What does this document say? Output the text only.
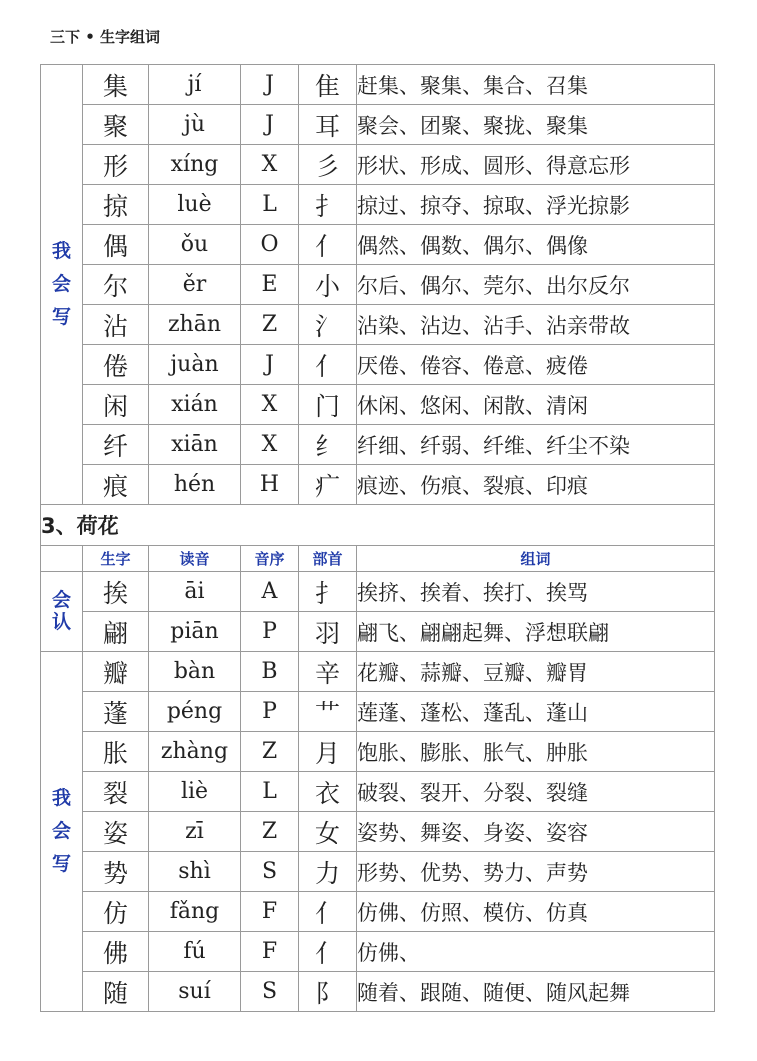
三下 • 生字组词
我
会
写	集	jí	J	隹	赶集、聚集、集合、召集
	聚	jù	J	耳	聚会、团聚、聚拢、聚集
	形	xíng	X	彡	形状、形成、圆形、得意忘形
	掠	luè	L	扌	掠过、掠夺、掠取、浮光掠影
	偶	ǒu	O	亻	偶然、偶数、偶尔、偶像
	尔	ěr	E	小	尔后、偶尔、莞尔、出尔反尔
	沾	zhān	Z	氵	沾染、沾边、沾手、沾亲带故
	倦	juàn	J	亻	厌倦、倦容、倦意、疲倦
	闲	xián	X	门	休闲、悠闲、闲散、清闲
	纤	xiān	X	纟	纤细、纤弱、纤维、纤尘不染
	痕	hén	H	疒	痕迹、伤痕、裂痕、印痕
3、荷花					
	生字	读音	音序	部首	组词

会
认	挨	āi	A	扌	挨挤、挨着、挨打、挨骂
	翩	piān	P	羽	翩飞、翩翩起舞、浮想联翩

我
会
写	瓣	bàn	B	辛	花瓣、蒜瓣、豆瓣、瓣胃
	蓬	péng	P	艹	莲蓬、蓬松、蓬乱、蓬山
	胀	zhàng	Z	月	饱胀、膨胀、胀气、肿胀
	裂	liè	L	衣	破裂、裂开、分裂、裂缝
	姿	zī	Z	女	姿势、舞姿、身姿、姿容
	势	shì	S	力	形势、优势、势力、声势
	仿	fǎng	F	亻	仿佛、仿照、模仿、仿真
	佛	fú	F	亻	仿佛、
	随	suí	S	阝	随着、跟随、随便、随风起舞
